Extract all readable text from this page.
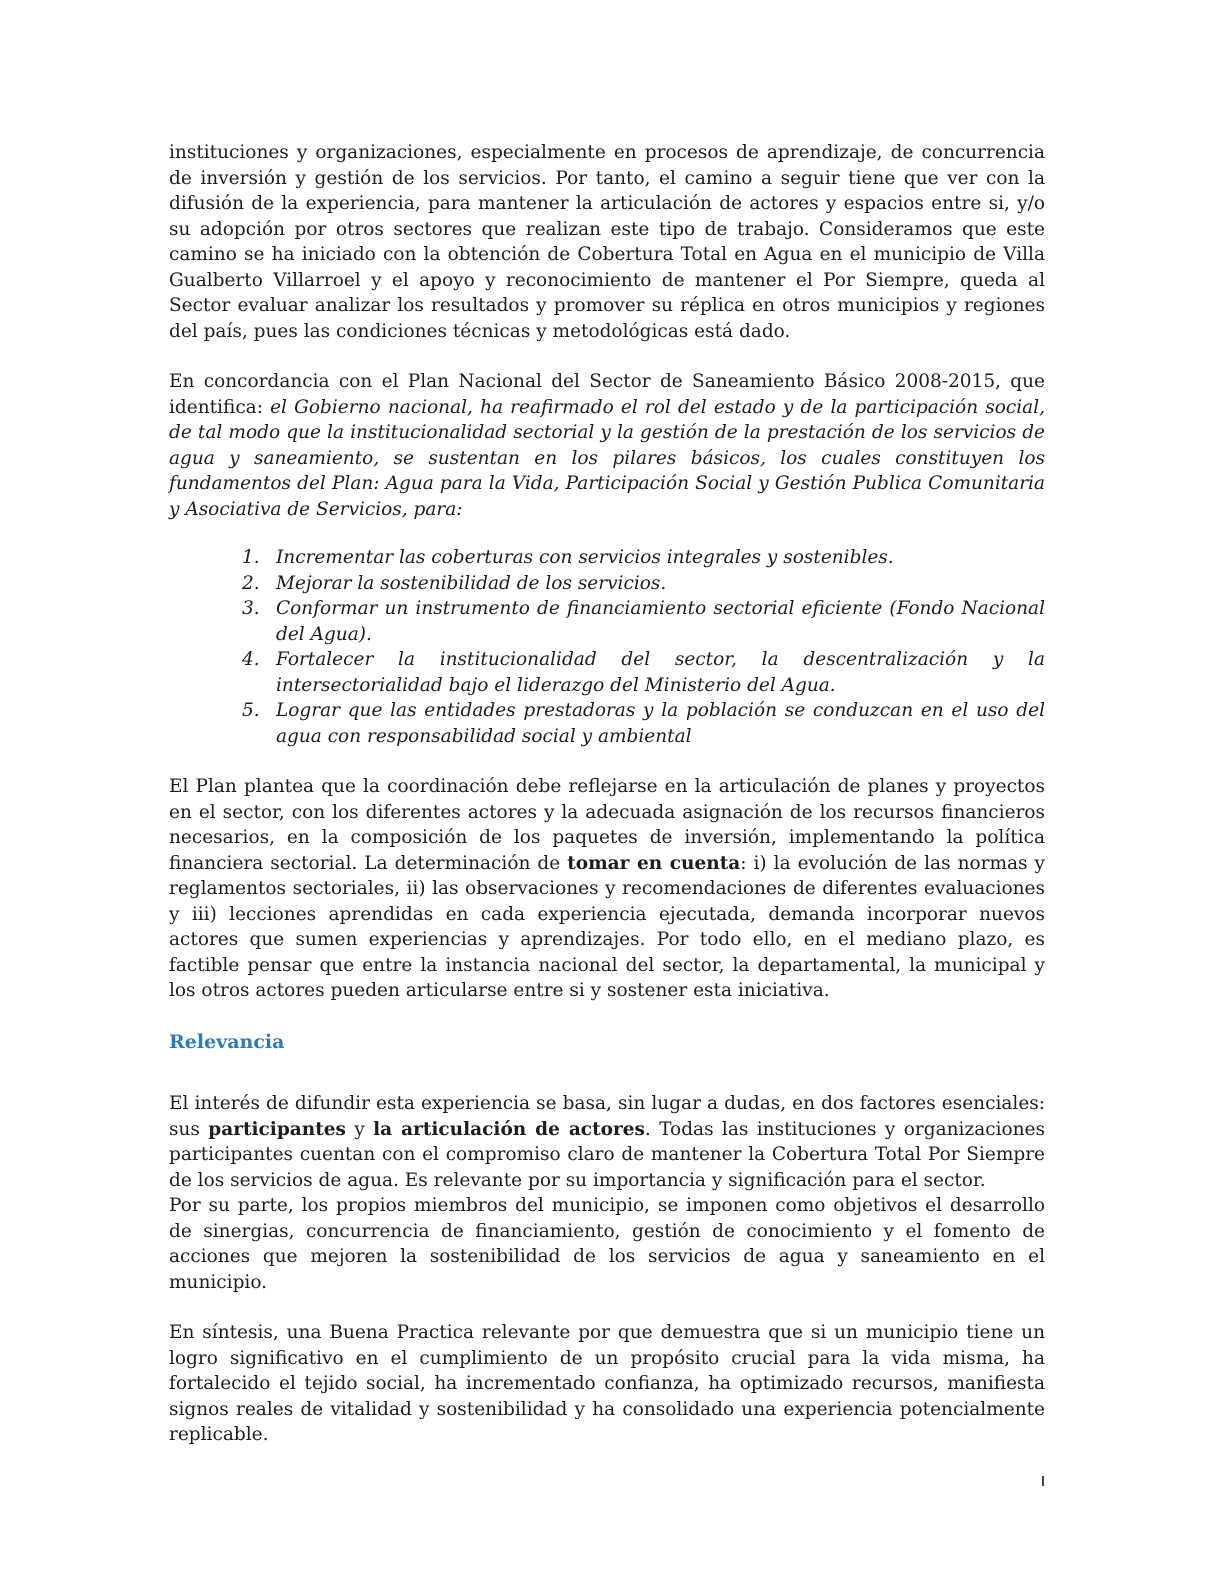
instituciones y organizaciones, especialmente en procesos de aprendizaje, de concurrencia de inversión y gestión de los servicios. Por tanto, el camino a seguir tiene que ver con la difusión de la experiencia, para mantener la articulación de actores y espacios entre si, y/o su adopción por otros sectores que realizan este tipo de trabajo. Consideramos que este camino se ha iniciado con la obtención de Cobertura Total en Agua en el municipio de Villa Gualberto Villarroel y el apoyo y reconocimiento de mantener el Por Siempre, queda al Sector evaluar analizar los resultados y promover su réplica en otros municipios y regiones del país, pues las condiciones técnicas y metodológicas está dado.

En concordancia con el Plan Nacional del Sector de Saneamiento Básico 2008-2015, que identifica: el Gobierno nacional, ha reafirmado el rol del estado y de la participación social, de tal modo que la institucionalidad sectorial y la gestión de la prestación de los servicios de agua y saneamiento, se sustentan en los pilares básicos, los cuales constituyen los fundamentos del Plan: Agua para la Vida, Participación Social y Gestión Publica Comunitaria y Asociativa de Servicios, para:

1. Incrementar las coberturas con servicios integrales y sostenibles.
2. Mejorar la sostenibilidad de los servicios.
3. Conformar un instrumento de financiamiento sectorial eficiente (Fondo Nacional del Agua).
4. Fortalecer la institucionalidad del sector, la descentralización y la intersectorialidad bajo el liderazgo del Ministerio del Agua.
5. Lograr que las entidades prestadoras y la población se conduzcan en el uso del agua con responsabilidad social y ambiental

El Plan plantea que la coordinación debe reflejarse en la articulación de planes y proyectos en el sector, con los diferentes actores y la adecuada asignación de los recursos financieros necesarios, en la composición de los paquetes de inversión, implementando la política financiera sectorial. La determinación de tomar en cuenta: i) la evolución de las normas y reglamentos sectoriales, ii) las observaciones y recomendaciones de diferentes evaluaciones y iii) lecciones aprendidas en cada experiencia ejecutada, demanda incorporar nuevos actores que sumen experiencias y aprendizajes. Por todo ello, en el mediano plazo, es factible pensar que entre la instancia nacional del sector, la departamental, la municipal y los otros actores pueden articularse entre si y sostener esta iniciativa.

Relevancia

El interés de difundir esta experiencia se basa, sin lugar a dudas, en dos factores esenciales: sus participantes y la articulación de actores. Todas las instituciones y organizaciones participantes cuentan con el compromiso claro de mantener la Cobertura Total Por Siempre de los servicios de agua. Es relevante por su importancia y significación para el sector.

Por su parte, los propios miembros del municipio, se imponen como objetivos el desarrollo de sinergias, concurrencia de financiamiento, gestión de conocimiento y el fomento de acciones que mejoren la sostenibilidad de los servicios de agua y saneamiento en el municipio.

En síntesis, una Buena Practica relevante por que demuestra que si un municipio tiene un logro significativo en el cumplimiento de un propósito crucial para la vida misma, ha fortalecido el tejido social, ha incrementado confianza, ha optimizado recursos, manifiesta signos reales de vitalidad y sostenibilidad y ha consolidado una experiencia potencialmente replicable.
